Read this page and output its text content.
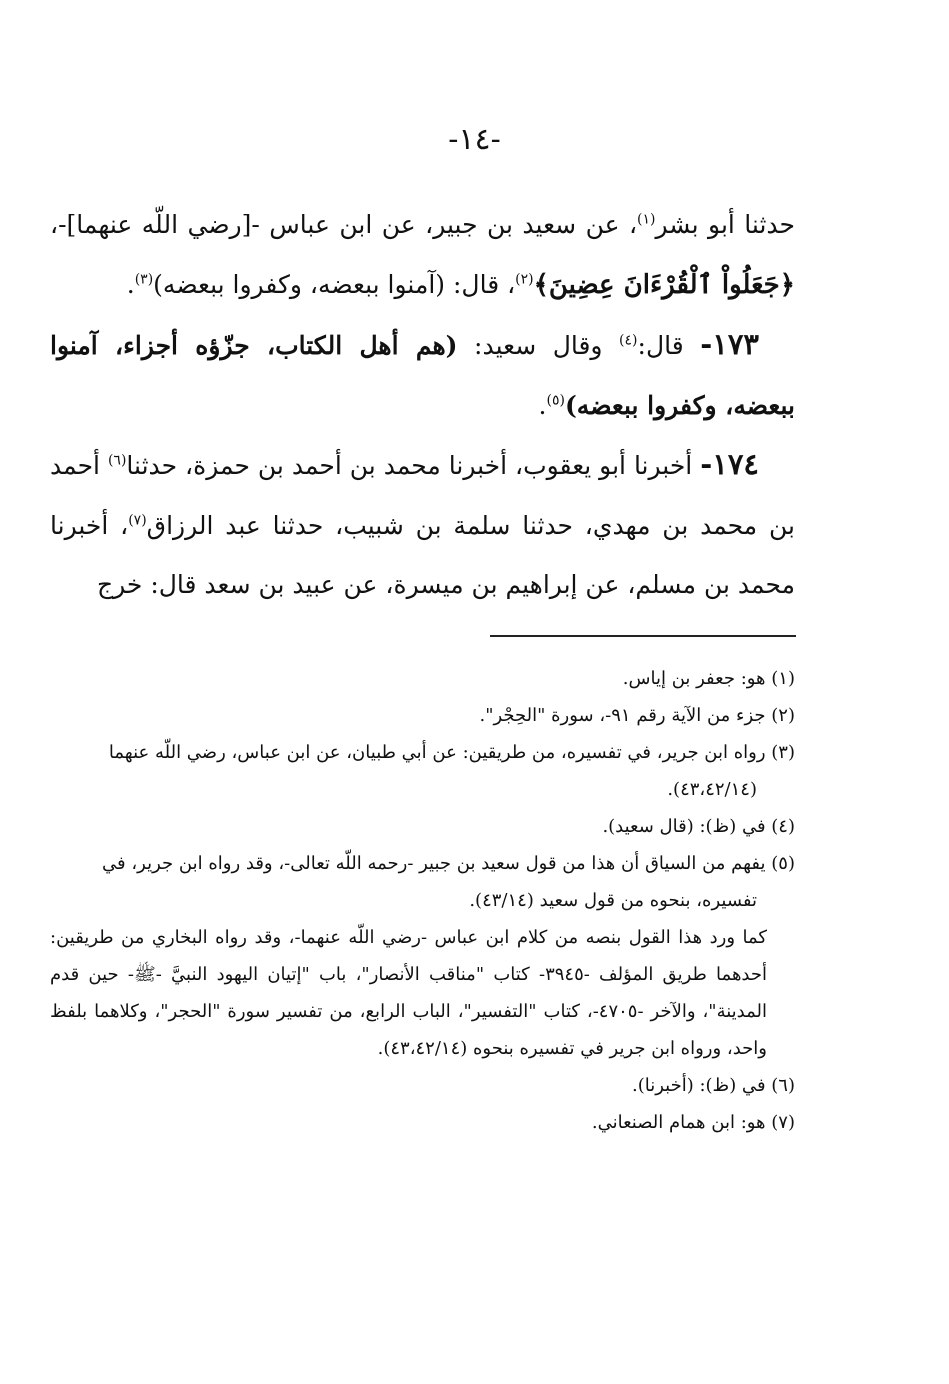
-١٤-

حدثنا أبو بشر$^{(١)}$، عن سعيد بن جبير، عن ابن عباس -[رضي اللّه عنهما]-، ﴿جَعَلُواْ ٱلْقُرْءَانَ عِضِينَ﴾$^{(٢)}$، قال: (آمنوا ببعضه، وكفروا ببعضه)$^{(٣)}$.

١٧٣- قال:$^{(٤)}$ وقال سعيد: (هم أهل الكتاب، جزّؤه أجزاء، آمنوا ببعضه، وكفروا ببعضه)$^{(٥)}$.

١٧٤- أخبرنا أبو يعقوب، أخبرنا محمد بن أحمد بن حمزة، حدثنا$^{(٦)}$ أحمد بن محمد بن مهدي، حدثنا سلمة بن شبيب، حدثنا عبد الرزاق$^{(٧)}$، أخبرنا محمد بن مسلم، عن إبراهيم بن ميسرة، عن عبيد بن سعد قال: خرج

(١) هو: جعفر بن إياس.

(٢) جزء من الآية رقم ٩١-، سورة "الحِجْر".

(٣) رواه ابن جرير، في تفسيره، من طريقين: عن أبي طبيان، عن ابن عباس، رضي اللّه عنهما

(٤٣،٤٢/١٤).

(٤) في (ظ): (قال سعيد).

(٥) يفهم من السياق أن هذا من قول سعيد بن جبير -رحمه اللّه تعالى-، وقد رواه ابن جرير، في

تفسيره، بنحوه من قول سعيد (٤٣/١٤).

كما ورد هذا القول بنصه من كلام ابن عباس -رضي اللّه عنهما-، وقد رواه البخاري من طريقين: أحدهما طريق المؤلف -٣٩٤٥- كتاب "مناقب الأنصار"، باب "إتيان اليهود النبيَّ -ﷺ- حين قدم المدينة"، والآخر -٤٧٠٥-، كتاب "التفسير"، الباب الرابع، من تفسير سورة "الحجر"، وكلاهما بلفظ واحد، ورواه ابن جرير في تفسيره بنحوه (٤٣،٤٢/١٤).

(٦) في (ظ): (أخبرنا).

(٧) هو: ابن همام الصنعاني.
